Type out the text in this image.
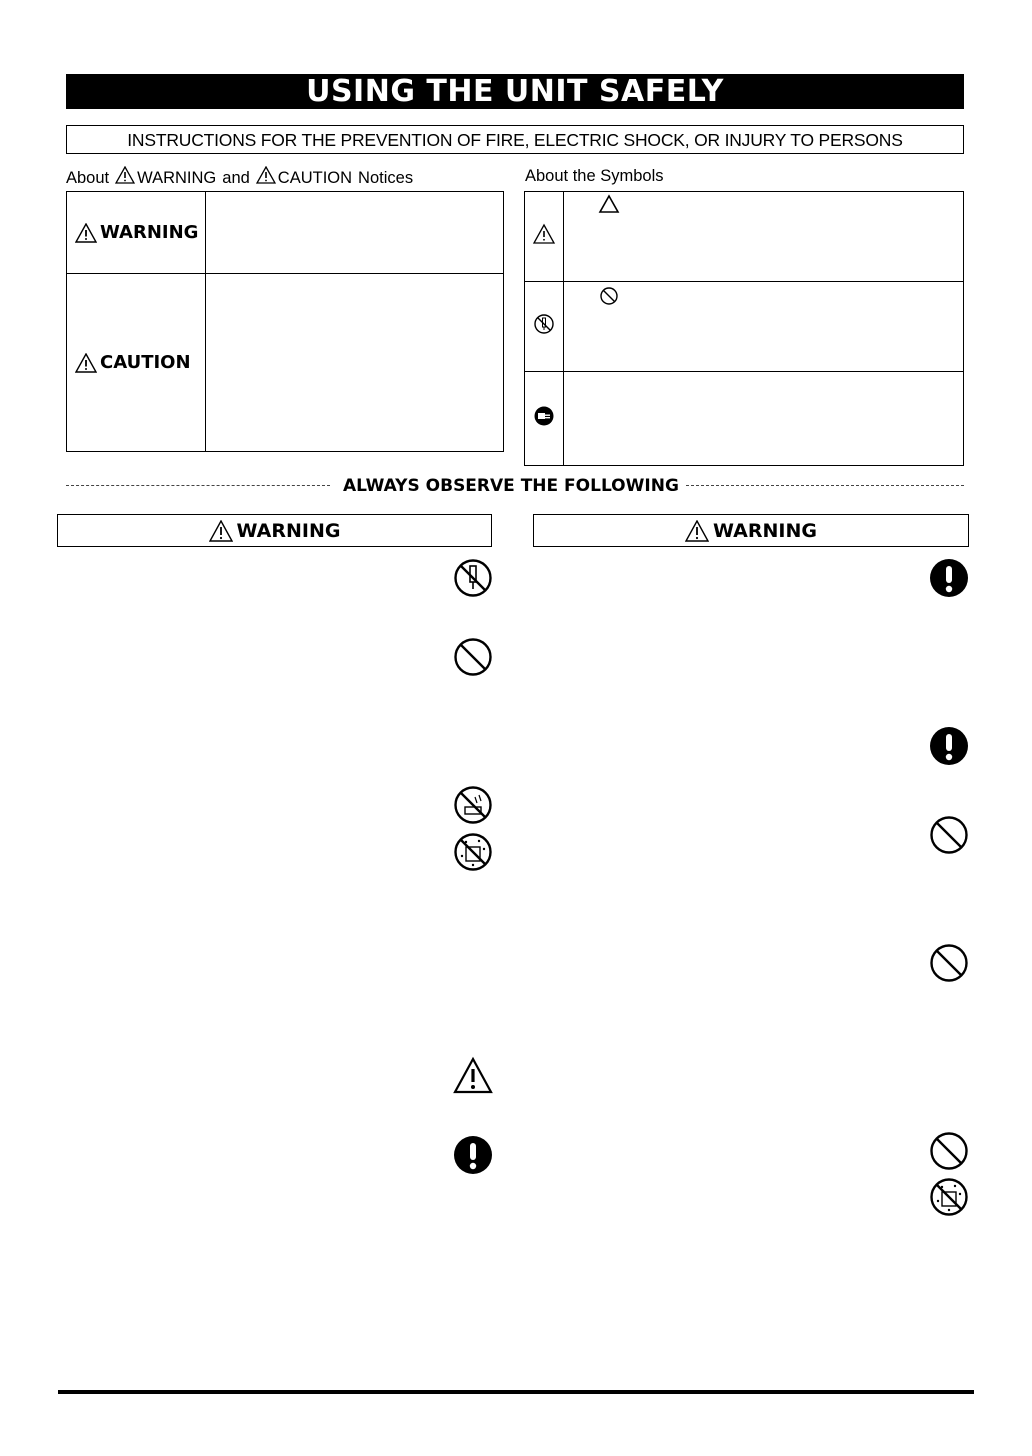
USING THE UNIT SAFELY
INSTRUCTIONS FOR THE PREVENTION OF FIRE, ELECTRIC SHOCK, OR INJURY TO PERSONS
About WARNING and CAUTION Notices
WARNING	

CAUTION	

About the Symbols

ALWAYS OBSERVE THE FOLLOWING
WARNING	WARNING
